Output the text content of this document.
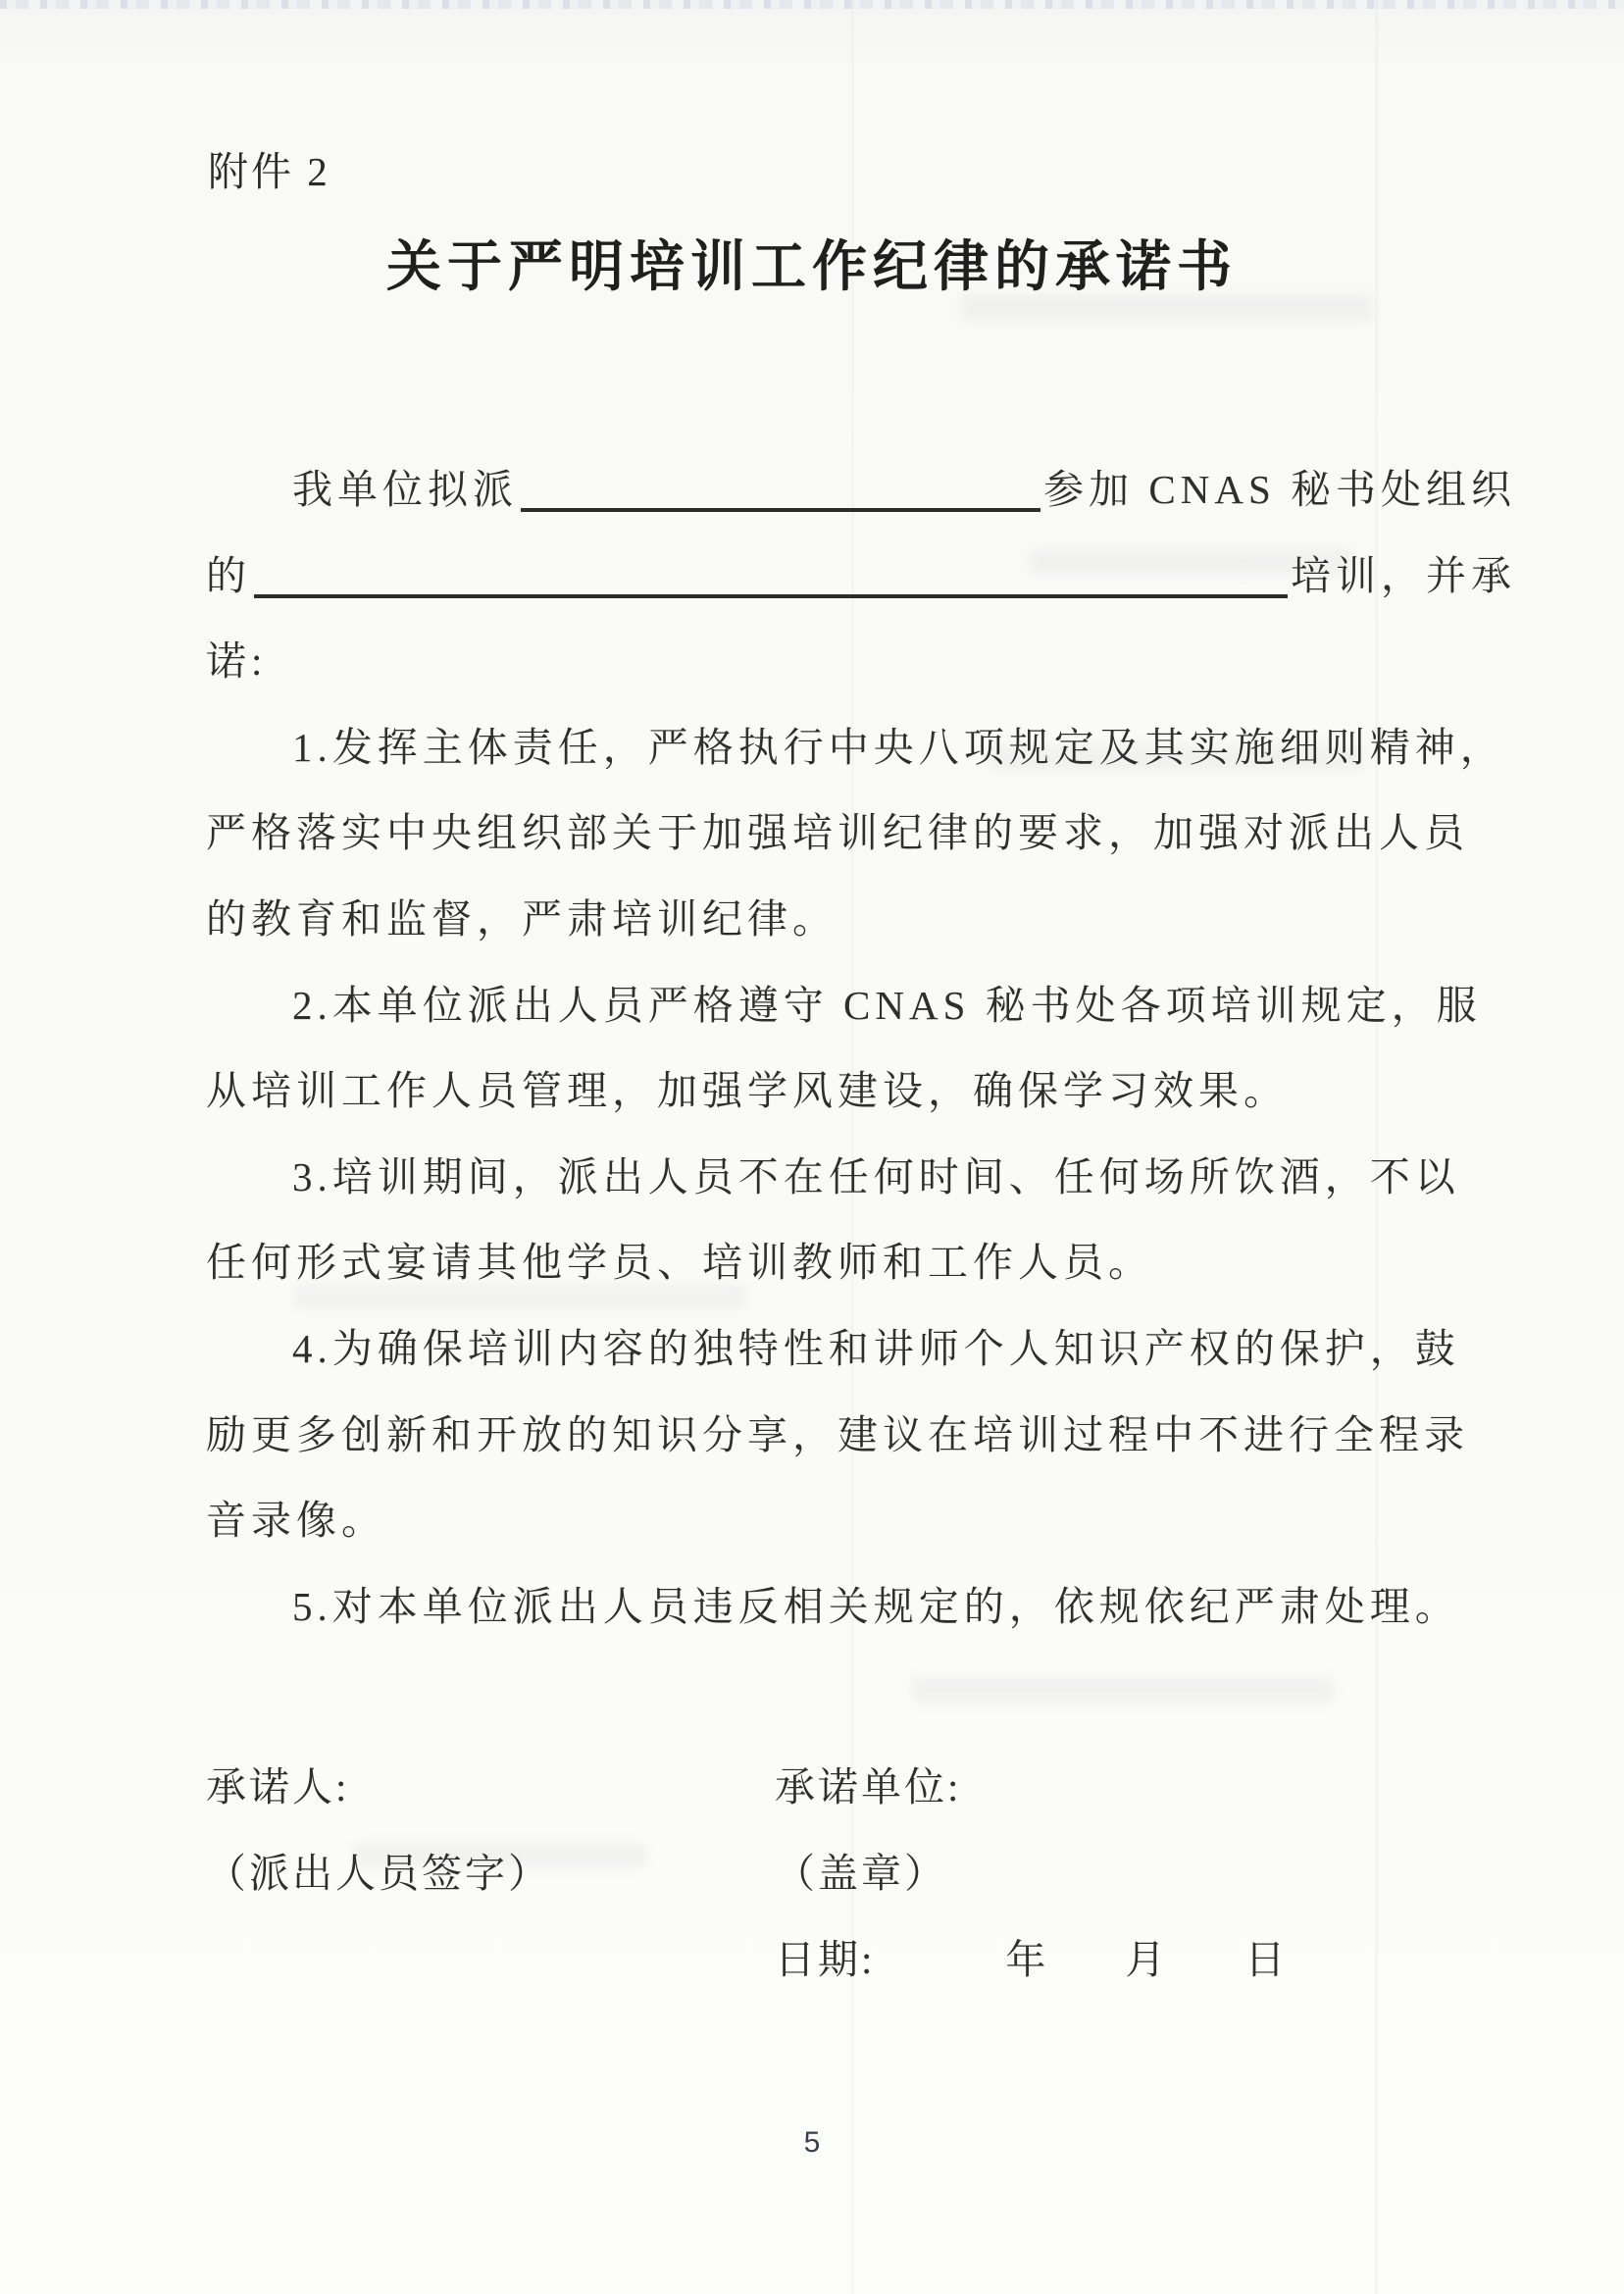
附件 2
关于严明培训工作纪律的承诺书
我单位拟派	参加 CNAS 秘书处组织
的	培训，并承
诺:
1.发挥主体责任，严格执行中央八项规定及其实施细则精神，
严格落实中央组织部关于加强培训纪律的要求，加强对派出人员
的教育和监督，严肃培训纪律。
2.本单位派出人员严格遵守 CNAS 秘书处各项培训规定，服
从培训工作人员管理，加强学风建设，确保学习效果。
3.培训期间，派出人员不在任何时间、任何场所饮酒，不以
任何形式宴请其他学员、培训教师和工作人员。
4.为确保培训内容的独特性和讲师个人知识产权的保护，鼓
励更多创新和开放的知识分享，建议在培训过程中不进行全程录
音录像。
5.对本单位派出人员违反相关规定的，依规依纪严肃处理。
承诺人:
（派出人员签字）
承诺单位:
（盖章）
日期:	年 月 日
5
